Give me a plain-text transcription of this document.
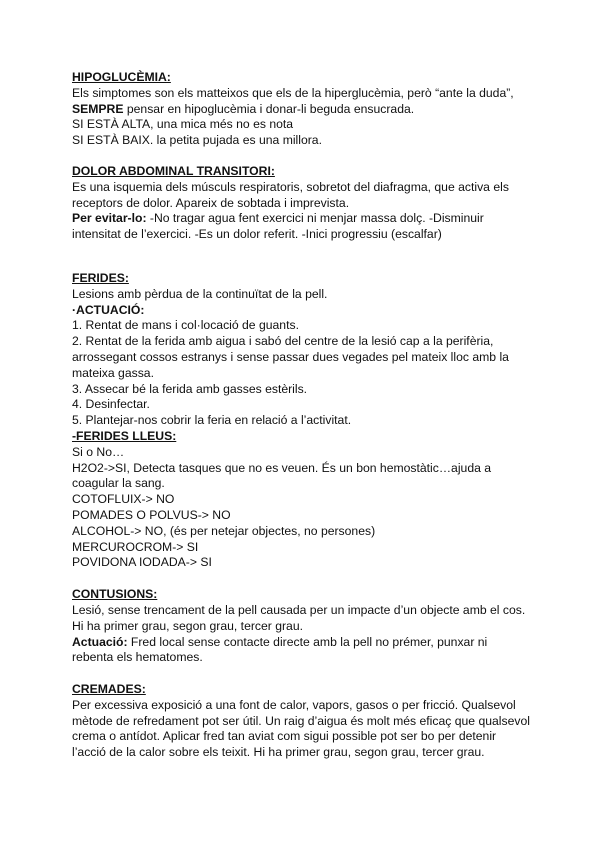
HIPOGLUCÈMIA:

Els simptomes son els matteixos que els de la hiperglucèmia, però “ante la duda”,

SEMPRE pensar en hipoglucèmia i donar-li beguda ensucrada.

SI ESTÀ ALTA, una mica més no es nota

SI ESTÀ BAIX. la petita pujada es una millora.

DOLOR ABDOMINAL TRANSITORI:

Es una isquemia dels músculs respiratoris, sobretot del diafragma, que activa els

receptors de dolor. Apareix de sobtada i imprevista.

Per evitar-lo: -No tragar agua fent exercici ni menjar massa dolç. -Disminuir

intensitat de l’exercici. -Es un dolor referit. -Inici progressiu (escalfar)

FERIDES:

Lesions amb pèrdua de la continuïtat de la pell.

·ACTUACIÓ:

1. Rentat de mans i col·locació de guants.

2. Rentat de la ferida amb aigua i sabó del centre de la lesió cap a la perifèria,

arrossegant cossos estranys i sense passar dues vegades pel mateix lloc amb la

mateixa gassa.

3. Assecar bé la ferida amb gasses estèrils.

4. Desinfectar.

5. Plantejar-nos cobrir la feria en relació a l’activitat.

-FERIDES LLEUS:

Si o No…

H2O2->SI, Detecta tasques que no es veuen. És un bon hemostàtic…ajuda a

coagular la sang.

COTOFLUIX-> NO

POMADES O POLVUS-> NO

ALCOHOL-> NO, (és per netejar objectes, no persones)

MERCUROCROM-> SI

POVIDONA IODADA-> SI

CONTUSIONS:

Lesió, sense trencament de la pell causada per un impacte d’un objecte amb el cos.

Hi ha primer grau, segon grau, tercer grau.

Actuació: Fred local sense contacte directe amb la pell no prémer, punxar ni

rebenta els hematomes.

CREMADES:

Per excessiva exposició a una font de calor, vapors, gasos o per fricció. Qualsevol

mètode de refredament pot ser útil. Un raig d’aigua és molt més eficaç que qualsevol

crema o antídot. Aplicar fred tan aviat com sigui possible pot ser bo per detenir

l’acció de la calor sobre els teixit. Hi ha primer grau, segon grau, tercer grau.
